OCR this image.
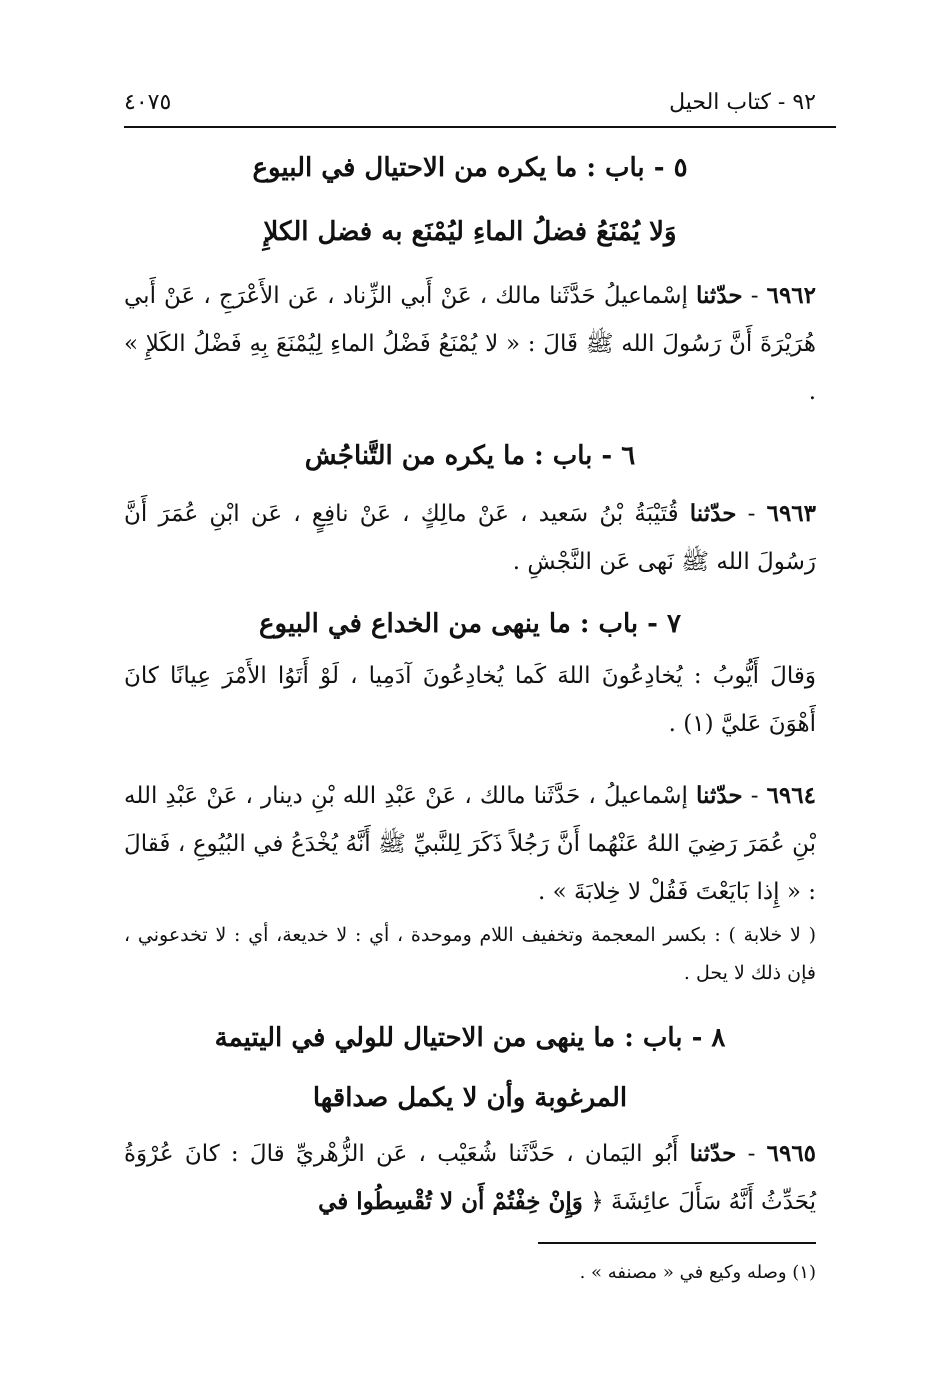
٩٢ - كتاب الحيل
٤٠٧٥
٥ - باب : ما يكره من الاحتيال في البيوع
وَلا يُمْنَعُ فضلُ الماءِ ليُمْنَع به فضل الكلإِ
٦٩٦٢ - حدّثنا إسْماعيلُ حَدَّثَنا مالك ، عَنْ أَبي الزِّناد ، عَن الأَعْرَجِ ، عَنْ أَبي هُرَيْرَةَ أَنَّ رَسُولَ الله ﷺ قَالَ : « لا يُمْنَعُ فَضْلُ الماءِ لِيُمْنَعَ بِهِ فَضْلُ الكَلإِ » .
٦ - باب : ما يكره من التَّناجُش
٦٩٦٣ - حدّثنا قُتَيْبَةُ بْنُ سَعيد ، عَنْ مالِكٍ ، عَنْ نافِعٍ ، عَن ابْنِ عُمَرَ أَنَّ رَسُولَ الله ﷺ نَهى عَن النَّجْشِ .
٧ - باب : ما ينهى من الخداع في البيوع
وَقالَ أَيُّوبُ : يُخادِعُونَ اللهَ كَما يُخادِعُونَ آدَمِيا ، لَوْ أَتَوُا الأَمْرَ عِيانًا كانَ أَهْوَنَ عَليَّ (١) .
٦٩٦٤ - حدّثنا إسْماعيلُ ، حَدَّثَنا مالك ، عَنْ عَبْدِ الله بْنِ دينار ، عَنْ عَبْدِ الله بْنِ عُمَرَ رَضِيَ اللهُ عَنْهُما أَنَّ رَجُلاً ذَكَرَ لِلنَّبيِّ ﷺ أَنَّهُ يُخْدَعُ في البُيُوعِ ، فَقالَ : « إِذا بَايَعْتَ فَقُلْ لا خِلابَةَ » .
( لا خلابة ) : بكسر المعجمة وتخفيف اللام وموحدة ، أي : لا خديعة، أي : لا تخدعوني ، فإن ذلك لا يحل .
٨ - باب : ما ينهى من الاحتيال للولي في اليتيمة
المرغوبة وأن لا يكمل صداقها
٦٩٦٥ - حدّثنا أَبُو اليَمان ، حَدَّثَنا شُعَيْب ، عَن الزُّهْريِّ قالَ : كانَ عُرْوَةُ يُحَدِّثُ أَنَّهُ سَأَلَ عائِشَةَ ﴿ وَإِنْ خِفْتُمْ أَن لا تُقْسِطُوا في
(١) وصله وكيع في « مصنفه » .
